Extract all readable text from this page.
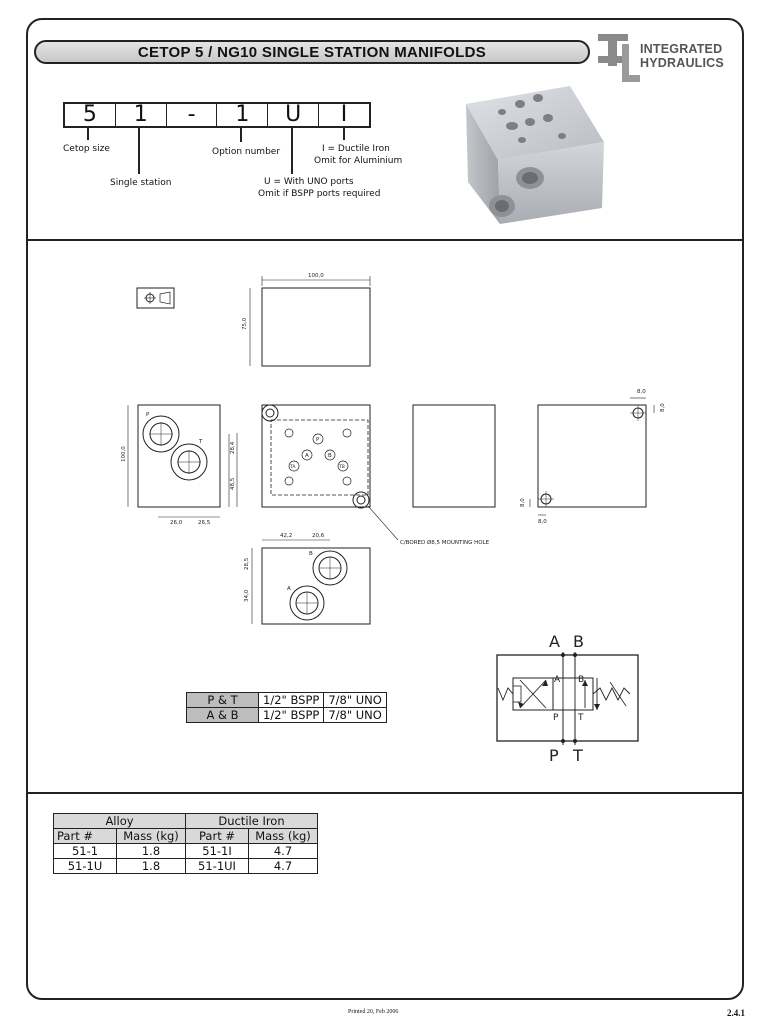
CETOP 5 / NG10 SINGLE STATION MANIFOLDS	INTEGRATED
HYDRAULICS
5	1	-	1	U	I
Cetop size
Single station
Option number
U = With UNO ports
Omit if BSPP ports required
I = Ductile Iron
Omit for Aluminium
100,0
75,0
100,0
26,0	26,5
28,4
48,5
8,0
8,0
8,0
8,0
42,2	20,6
28,5
34,0
C/BORED Ø8,5 MOUNTING HOLE
P
T	P
A	B
TA	TB
B
A
A B
P T
A B
P T
P & T	1/2" BSPP	7/8" UNO
A & B	1/2" BSPP	7/8" UNO
Alloy		Ductile Iron	
Part #	Mass (kg)	Part #	Mass (kg)
51-1	1.8	51-1I	4.7
51-1U	1.8	51-1UI	4.7
Printed 20, Feb 2006	2.4.1
